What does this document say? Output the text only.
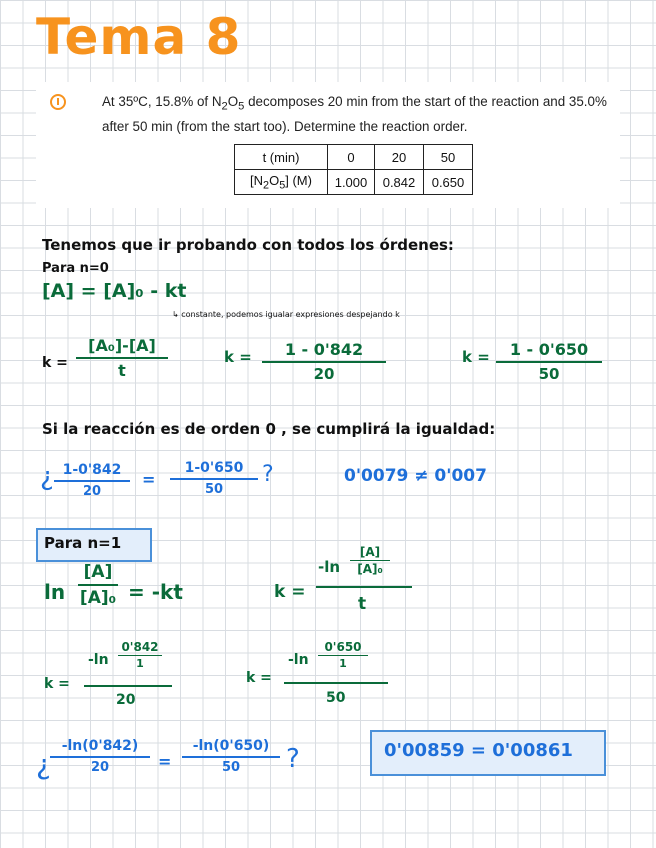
Tema 8
At 35ºC, 15.8% of $N_2O_5$ decomposes 20 min from the start of the reaction and 35.0% after 50 min (from the start too). Determine the reaction order.
t (min)	0	20	50
$[N_2O_5]$ (M)	1.000	0.842	0.650
Tenemos que ir probando con todos los órdenes:
Para n=0
[A] = [A]₀ - kt
↳ constante, podemos igualar expresiones despejando k
k =
[A₀]-[A]
t
k =	1 - 0'842
20
k =	1 - 0'650
50
Si la reacción es de orden 0 , se cumplirá la igualdad:
¿ 1-0'842
20
=
1-0'650
50
?	0'0079 ≠ 0'007
Para n=1
ln
[A]
[A]₀ = -kt	k =
-ln
[A]
[A]₀
t
k =
-ln
0'842
1
20
k =
-ln
0'650
1
50
¿
-ln(0'842)
20	=
-ln(0'650)
50	?	0'00859 = 0'00861
